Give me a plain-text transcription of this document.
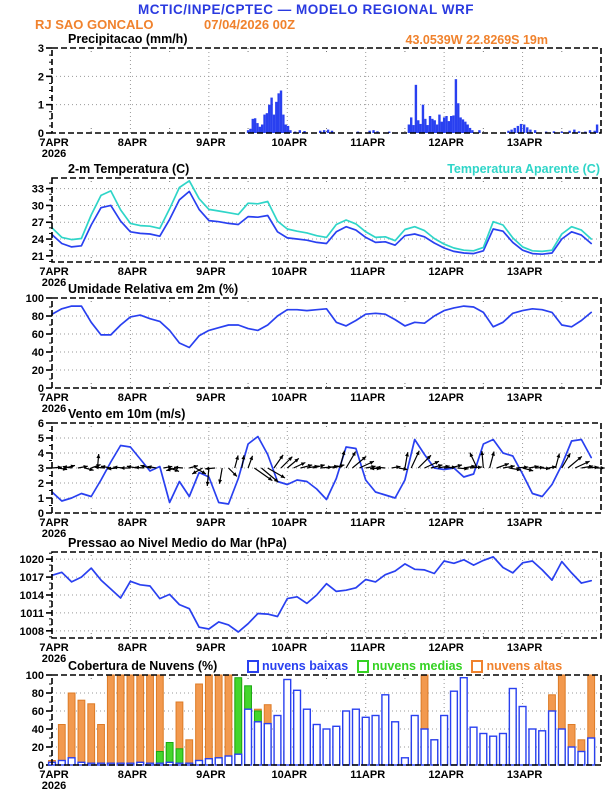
MCTIC/INPE/CPTEC — MODELO REGIONAL WRF
RJ SAO GONCALO	07/04/2026 00Z
43.0539W 22.8269S 19m
Precipitacao (mm/h)
2-m Temperatura (C)	Temperatura Aparente (C)
Umidade Relativa em 2m (%)
Vento em 10m (m/s)
Pressao ao Nivel Medio do Mar (hPa)
Cobertura de Nuvens (%)	nuvens baixas nuvens medias nuvens altas
0
1
2
3
7APR
2026
8APR	9APR	10APR	11APR	12APR	13APR
21
24
27
30
33
7APR
2026
8APR	9APR	10APR	11APR	12APR	13APR
0
20
40
60
80
100
7APR
2026
8APR	9APR	10APR	11APR	12APR	13APR
0
1
2
3
4
5
6
7APR
2026
8APR	9APR	10APR	11APR	12APR	13APR
1008
1011
1014
1017
1020
7APR
2026
8APR	9APR	10APR	11APR	12APR	13APR
0
20
40
60
80
100
7APR
2026
8APR	9APR	10APR	11APR	12APR	13APR
